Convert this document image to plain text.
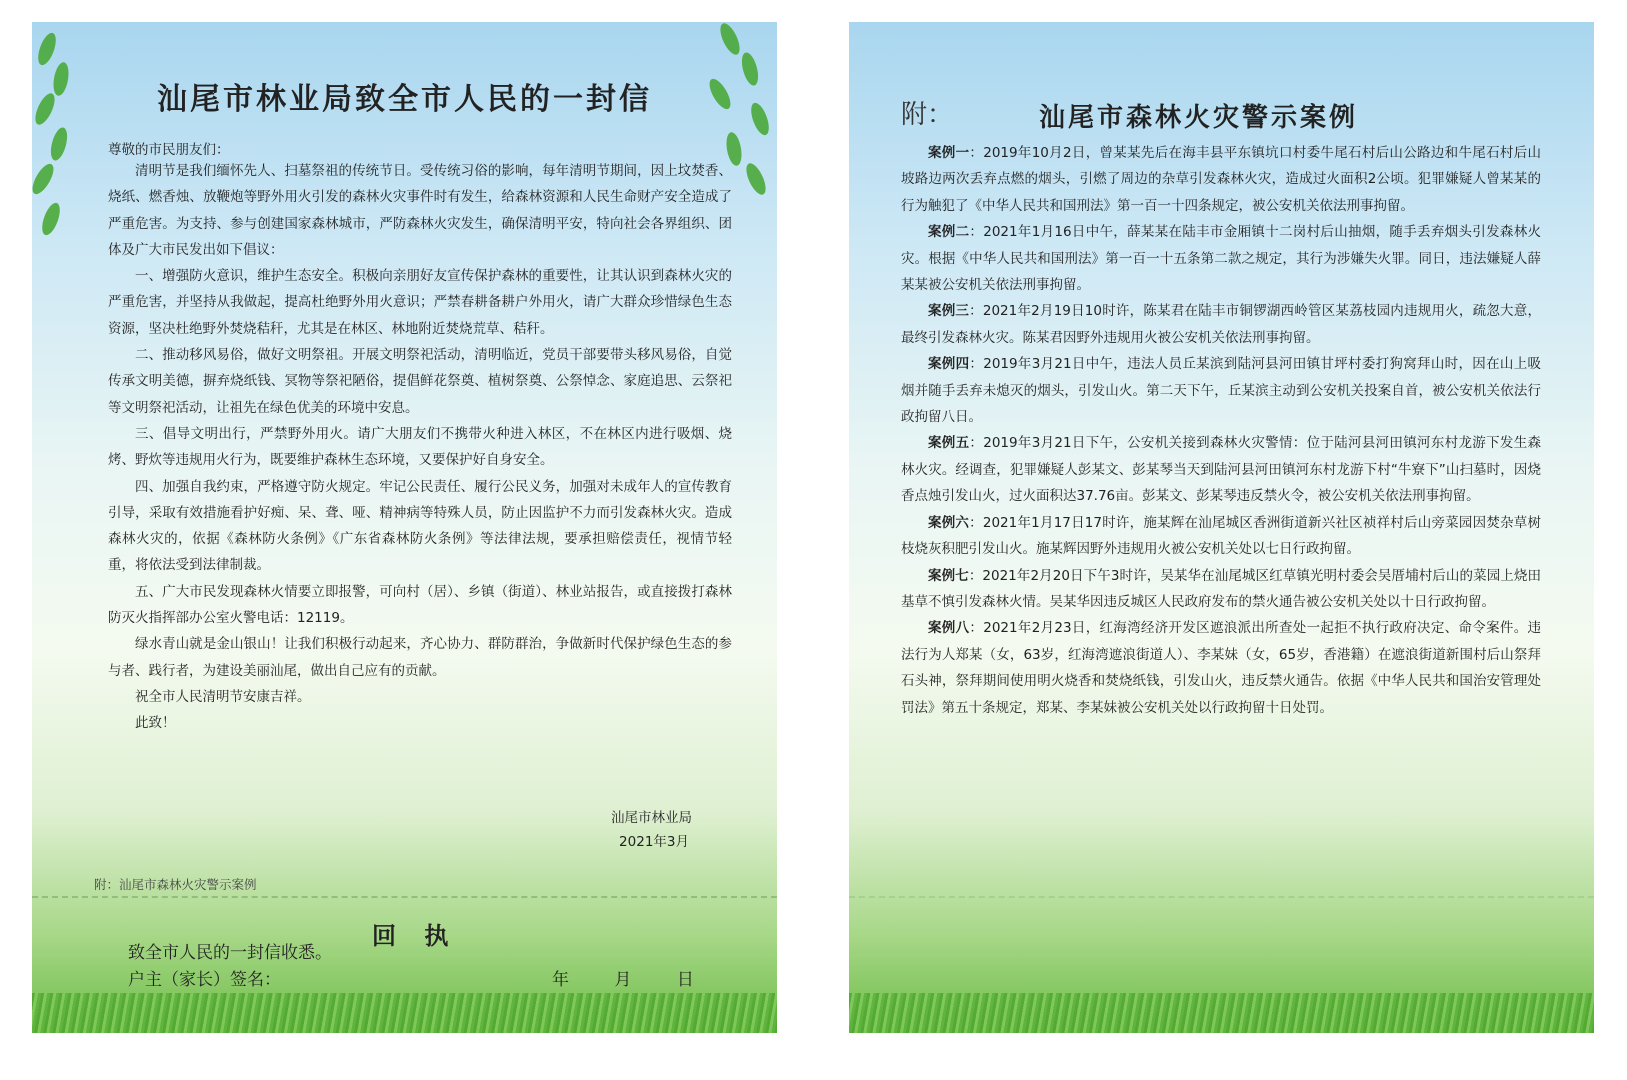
汕尾市林业局致全市人民的一封信
尊敬的市民朋友们：

清明节是我们缅怀先人、扫墓祭祖的传统节日。受传统习俗的影响，每年清明节期间，因上坟焚香、烧纸、燃香烛、放鞭炮等野外用火引发的森林火灾事件时有发生，给森林资源和人民生命财产安全造成了严重危害。为支持、参与创建国家森林城市，严防森林火灾发生，确保清明平安，特向社会各界组织、团体及广大市民发出如下倡议：

一、增强防火意识，维护生态安全。积极向亲朋好友宣传保护森林的重要性，让其认识到森林火灾的严重危害，并坚持从我做起，提高杜绝野外用火意识；严禁春耕备耕户外用火，请广大群众珍惜绿色生态资源，坚决杜绝野外焚烧秸秆，尤其是在林区、林地附近焚烧荒草、秸秆。

二、推动移风易俗，做好文明祭祖。开展文明祭祀活动，清明临近，党员干部要带头移风易俗，自觉传承文明美德，摒弃烧纸钱、冥物等祭祀陋俗，提倡鲜花祭奠、植树祭奠、公祭悼念、家庭追思、云祭祀等文明祭祀活动，让祖先在绿色优美的环境中安息。

三、倡导文明出行，严禁野外用火。请广大朋友们不携带火种进入林区，不在林区内进行吸烟、烧烤、野炊等违规用火行为，既要维护森林生态环境，又要保护好自身安全。

四、加强自我约束，严格遵守防火规定。牢记公民责任、履行公民义务，加强对未成年人的宣传教育引导，采取有效措施看护好痴、呆、聋、哑、精神病等特殊人员，防止因监护不力而引发森林火灾。造成森林火灾的，依据《森林防火条例》《广东省森林防火条例》等法律法规，要承担赔偿责任，视情节轻重，将依法受到法律制裁。

五、广大市民发现森林火情要立即报警，可向村（居）、乡镇（街道）、林业站报告，或直接拨打森林防灭火指挥部办公室火警电话：12119。

绿水青山就是金山银山！让我们积极行动起来，齐心协力、群防群治，争做新时代保护绿色生态的参与者、践行者，为建设美丽汕尾，做出自己应有的贡献。

祝全市人民清明节安康吉祥。

此致！

汕尾市林业局
2021年3月
附：汕尾市森林火灾警示案例
回 执
致全市人民的一封信收悉。
户主（家长）签名：	年	月	日
附：	汕尾市森林火灾警示案例

案例一：2019年10月2日，曾某某先后在海丰县平东镇坑口村委牛尾石村后山公路边和牛尾石村后山坡路边两次丢弃点燃的烟头，引燃了周边的杂草引发森林火灾，造成过火面积2公顷。犯罪嫌疑人曾某某的行为触犯了《中华人民共和国刑法》第一百一十四条规定，被公安机关依法刑事拘留。

案例二：2021年1月16日中午，薛某某在陆丰市金厢镇十二岗村后山抽烟，随手丢弃烟头引发森林火灾。根据《中华人民共和国刑法》第一百一十五条第二款之规定，其行为涉嫌失火罪。同日，违法嫌疑人薛某某被公安机关依法刑事拘留。

案例三：2021年2月19日10时许，陈某君在陆丰市铜锣湖西岭管区某荔枝园内违规用火，疏忽大意，最终引发森林火灾。陈某君因野外违规用火被公安机关依法刑事拘留。

案例四：2019年3月21日中午，违法人员丘某滨到陆河县河田镇甘坪村委打狗窝拜山时，因在山上吸烟并随手丢弃未熄灭的烟头，引发山火。第二天下午，丘某滨主动到公安机关投案自首，被公安机关依法行政拘留八日。

案例五：2019年3月21日下午，公安机关接到森林火灾警情：位于陆河县河田镇河东村龙游下发生森林火灾。经调查，犯罪嫌疑人彭某文、彭某琴当天到陆河县河田镇河东村龙游下村“牛寮下”山扫墓时，因烧香点烛引发山火，过火面积达37.76亩。彭某文、彭某琴违反禁火令，被公安机关依法刑事拘留。

案例六：2021年1月17日17时许，施某辉在汕尾城区香洲街道新兴社区祯祥村后山旁菜园因焚杂草树枝烧灰积肥引发山火。施某辉因野外违规用火被公安机关处以七日行政拘留。

案例七：2021年2月20日下午3时许，吴某华在汕尾城区红草镇光明村委会吴厝埔村后山的菜园上烧田基草不慎引发森林火情。吴某华因违反城区人民政府发布的禁火通告被公安机关处以十日行政拘留。

案例八：2021年2月23日，红海湾经济开发区遮浪派出所查处一起拒不执行政府决定、命令案件。违法行为人郑某（女，63岁，红海湾遮浪街道人）、李某妹（女，65岁，香港籍）在遮浪街道新围村后山祭拜石头神，祭拜期间使用明火烧香和焚烧纸钱，引发山火，违反禁火通告。依据《中华人民共和国治安管理处罚法》第五十条规定，郑某、李某妹被公安机关处以行政拘留十日处罚。
